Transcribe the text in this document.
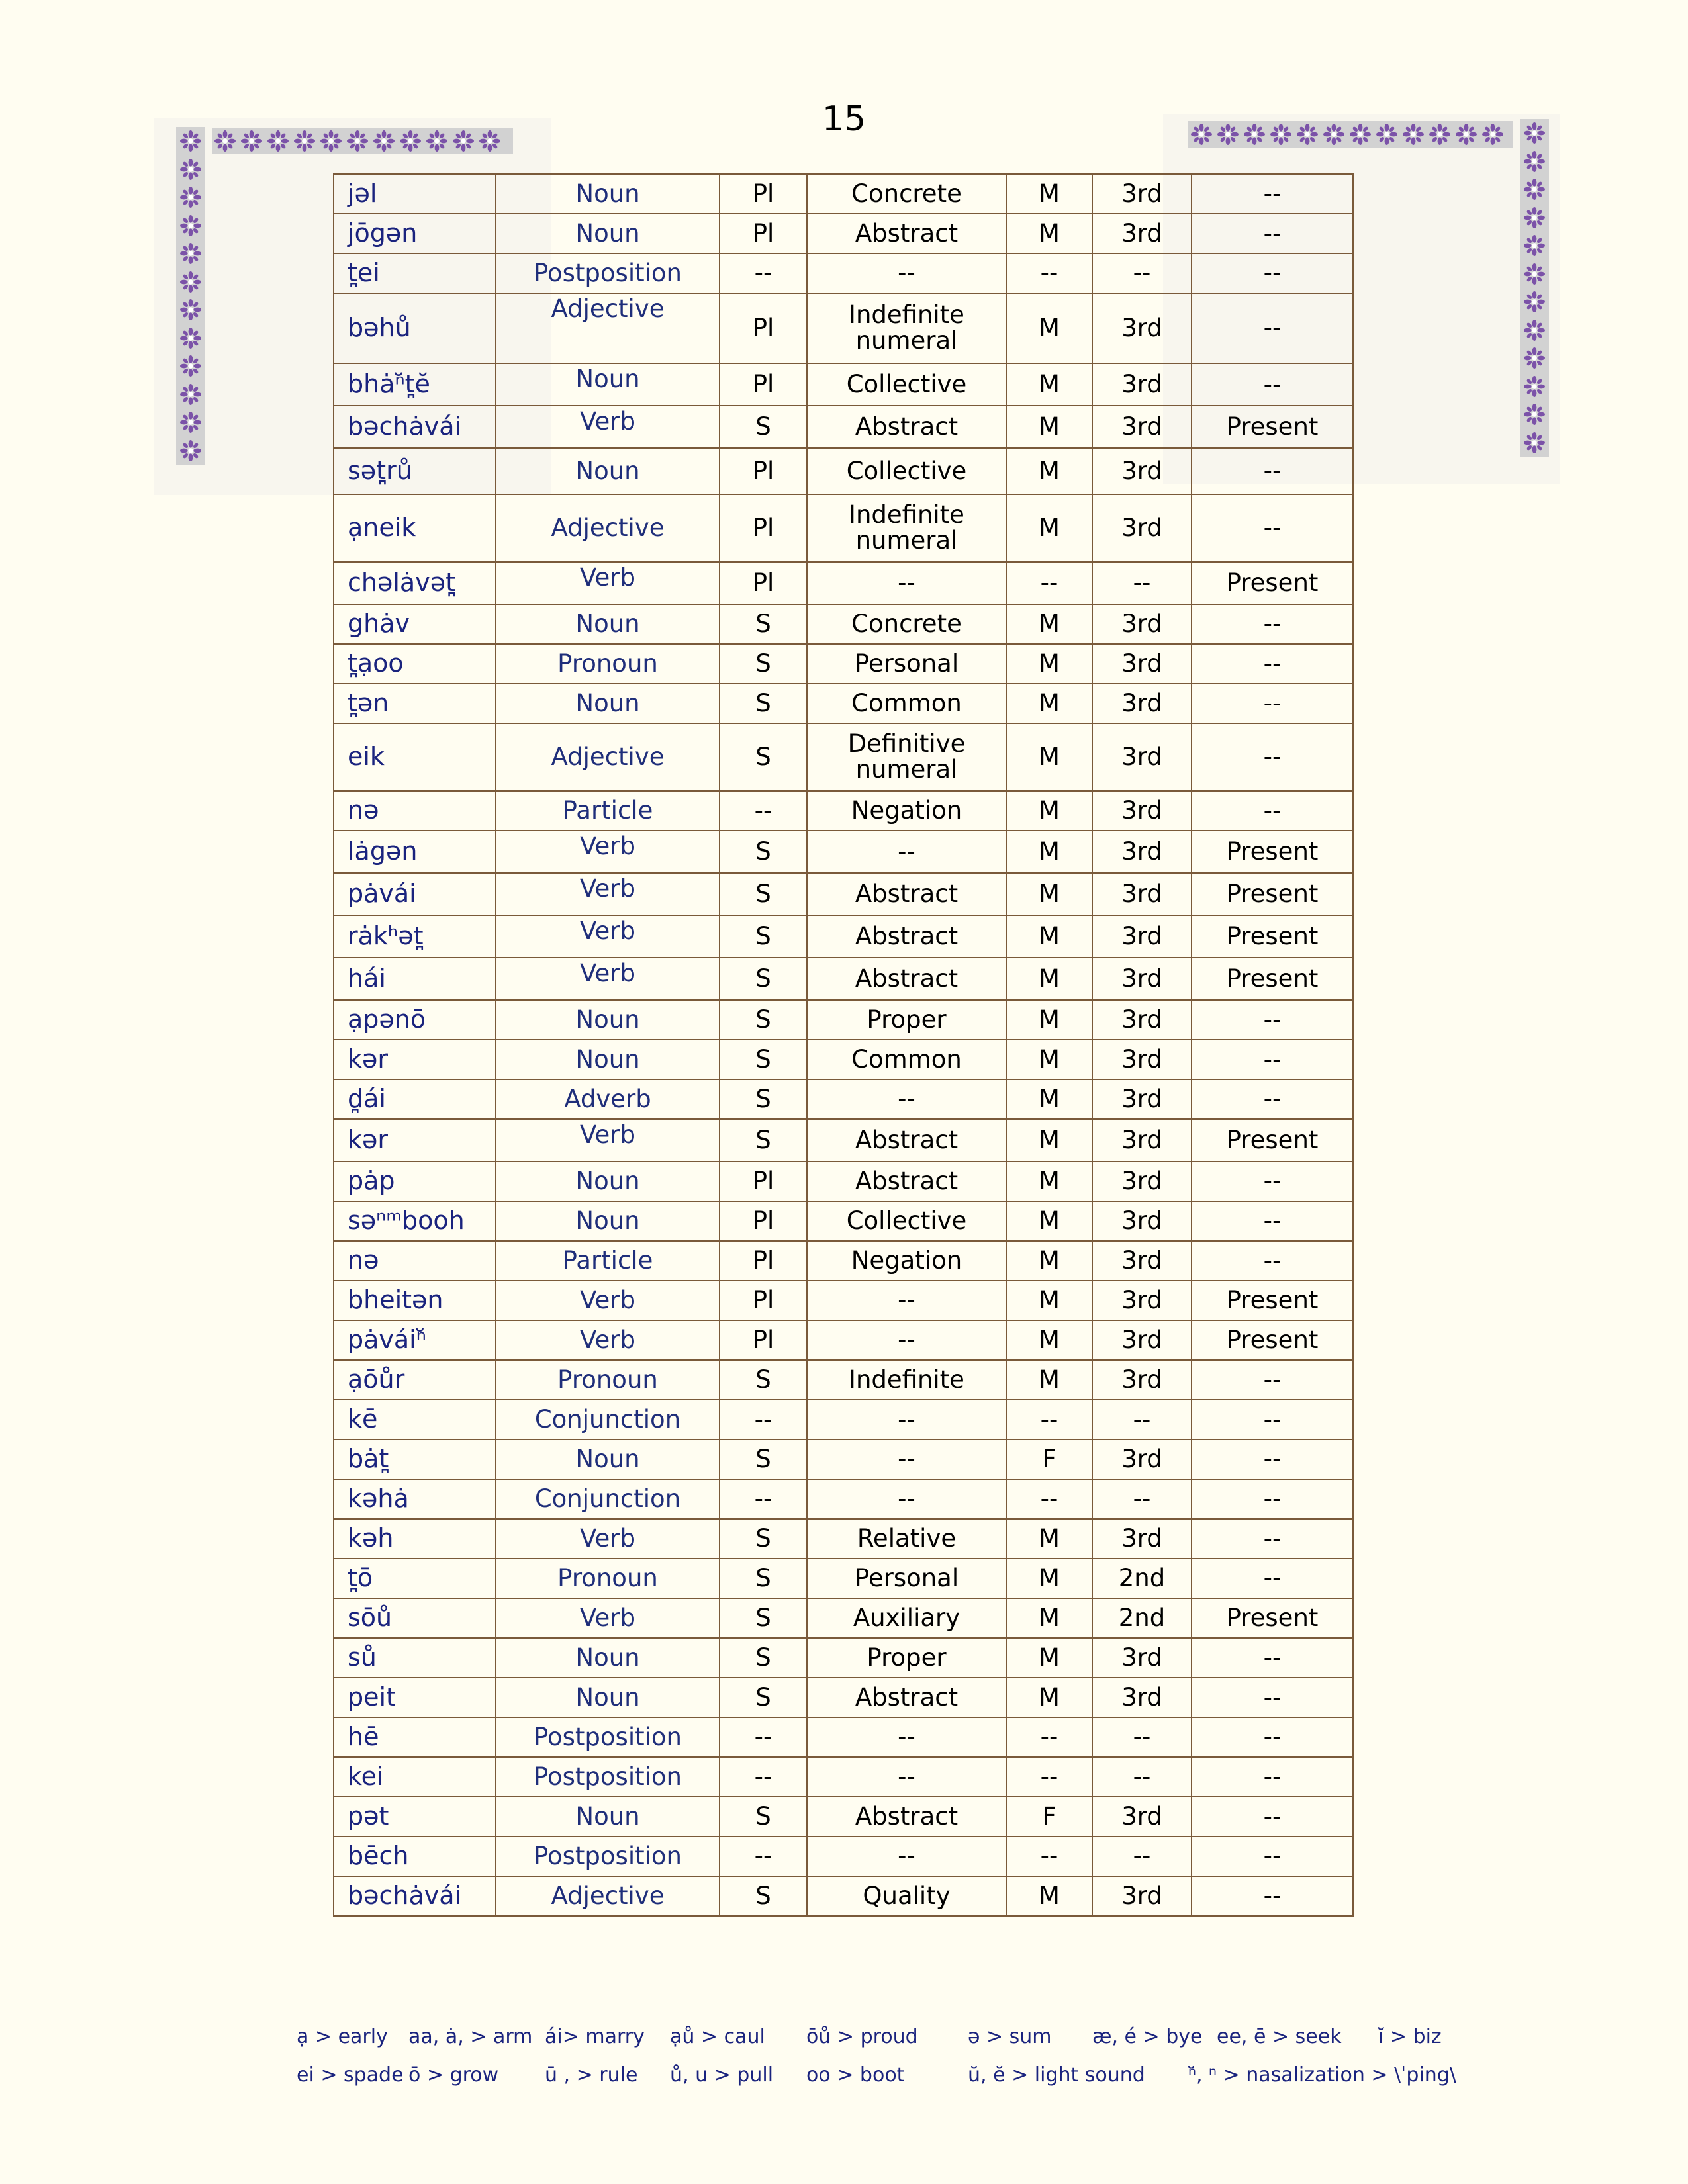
15
jəl	Noun	Pl	Concrete	M	3rd	--
jōgən	Noun	Pl	Abstract	M	3rd	--
t̪ei	Postposition	--	--	--	--	--
bəhů	Adjective	Pl	Indefinite numeral	M	3rd	--
bhȧⁿ̆t̪ĕ	Noun	Pl	Collective	M	3rd	--
bəchȧvái	Verb	S	Abstract	M	3rd	Present
sət̪rů	Noun	Pl	Collective	M	3rd	--
ạneik	Adjective	Pl	Indefinite numeral	M	3rd	--
chəlȧvət̪	Verb	Pl	--	--	--	Present
ghȧv	Noun	S	Concrete	M	3rd	--
t̪ạoo	Pronoun	S	Personal	M	3rd	--
t̪ən	Noun	S	Common	M	3rd	--
eik	Adjective	S	Definitive numeral	M	3rd	--
nə	Particle	--	Negation	M	3rd	--
lȧgən	Verb	S	--	M	3rd	Present
pȧvái	Verb	S	Abstract	M	3rd	Present
rȧkʰət̪	Verb	S	Abstract	M	3rd	Present
hái	Verb	S	Abstract	M	3rd	Present
ạpənō	Noun	S	Proper	M	3rd	--
kər	Noun	S	Common	M	3rd	--
d̪ái	Adverb	S	--	M	3rd	--
kər	Verb	S	Abstract	M	3rd	Present
pȧp	Noun	Pl	Abstract	M	3rd	--
səⁿᵐbooh	Noun	Pl	Collective	M	3rd	--
nə	Particle	Pl	Negation	M	3rd	--
bheitən	Verb	Pl	--	M	3rd	Present
pȧváiⁿ̆	Verb	Pl	--	M	3rd	Present
ạōůr	Pronoun	S	Indefinite	M	3rd	--
kē	Conjunction	--	--	--	--	--
bȧt̪	Noun	S	--	F	3rd	--
kəhȧ	Conjunction	--	--	--	--	--
kəh	Verb	S	Relative	M	3rd	--
t̪ō	Pronoun	S	Personal	M	2nd	--
sōů	Verb	S	Auxiliary	M	2nd	Present
sů	Noun	S	Proper	M	3rd	--
peit	Noun	S	Abstract	M	3rd	--
hē	Postposition	--	--	--	--	--
kei	Postposition	--	--	--	--	--
pət	Noun	S	Abstract	F	3rd	--
bēch	Postposition	--	--	--	--	--
bəchȧvái	Adjective	S	Quality	M	3rd	--
ạ > early aa, ȧ, > arm ái> marry ạů > caul ōů > proud	ə > sum æ, é > bye ee, ē > seek ĭ > biz
ei > spade ō > grow ū , > rule ů, u > pull oo > boot	ŭ, ĕ > light sound ⁿ̆, ⁿ > nasalization > \ˈping\
